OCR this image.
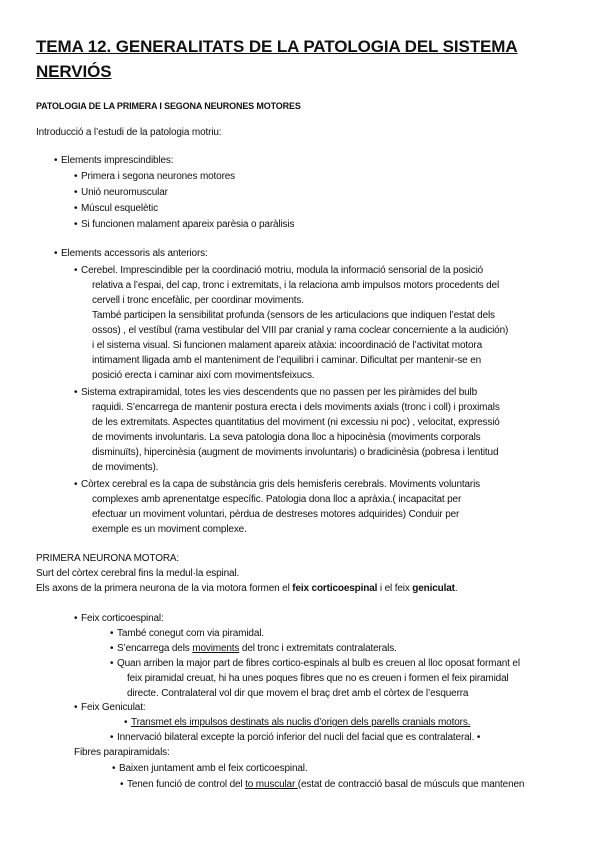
TEMA 12. GENERALITATS DE LA PATOLOGIA DEL SISTEMA NERVIÓS
PATOLOGIA DE LA PRIMERA I SEGONA NEURONES MOTORES
Introducció a l’estudi de la patologia motriu:
• Elements imprescindibles:
• Primera i segona neurones motores
• Unió neuromuscular
• Múscul esquelètic
• Si funcionen malament apareix parèsia o paràlisis
• Elements accessoris als anteriors:
• Cerebel. Imprescindible per la coordinació motriu, modula la informació sensorial de la posició
relativa a l’espai, del cap, tronc i extremitats, i la relaciona amb impulsos motors procedents del
cervell i tronc encefàlic, per coordinar moviments.
També participen la sensibilitat profunda (sensors de les articulacions que indiquen l’estat dels
ossos) , el vestíbul (rama vestibular del VIII par cranial y rama coclear concerniente a la audición)
i el sistema visual. Si funcionen malament apareix atàxia: incoordinació de l’activitat motora
intimament lligada amb el manteniment de l’equilibri i caminar. Dificultat per mantenir-se en
posició erecta i caminar així com movimentsfeixucs.
• Sistema extrapiramidal, totes les vies descendents que no passen per les piràmides del bulb
raquidi. S’encarrega de mantenir postura erecta i dels moviments axials (tronc i coll) i proximals
de les extremitats. Aspectes quantitatius del moviment (ni excessiu ni poc) , velocitat, expressió
de moviments involuntaris. La seva patologia dona lloc a hipocinèsia (moviments corporals
disminuïts), hipercinèsia (augment de moviments involuntaris) o bradicinèsia (pobresa i lentitud
de moviments).
• Còrtex cerebral es la capa de substància gris dels hemisferis cerebrals. Moviments voluntaris
complexes amb aprenentatge específic. Patologia dona lloc a apràxia.( incapacitat per
efectuar un moviment voluntari, pèrdua de destreses motores adquirides) Conduir per
exemple es un moviment complexe.
PRIMERA NEURONA MOTORA:
Surt del còrtex cerebral fins la medul·la espinal.
Els axons de la primera neurona de la via motora formen el feix corticoespinal i el feix geniculat.
• Feix corticoespinal:
• També conegut com via piramidal.
• S’encarrega dels moviments del tronc i extremitats contralaterals.
• Quan arriben la major part de fibres cortico-espinals al bulb es creuen al lloc oposat formant el
feix piramidal creuat, hi ha unes poques fibres que no es creuen i formen el feix piramidal
directe. Contralateral vol dir que movem el braç dret amb el còrtex de l’esquerra
• Feix Geniculat:
• Transmet els impulsos destinats als nuclis d’origen dels parells cranials motors.
• Innervació bilateral excepte la porció inferior del nucli del facial que es contralateral. •
Fibres parapiramidals:
• Baixen juntament amb el feix corticoespinal.
• Tenen funció de control del to muscular (estat de contracció basal de músculs que mantenen
